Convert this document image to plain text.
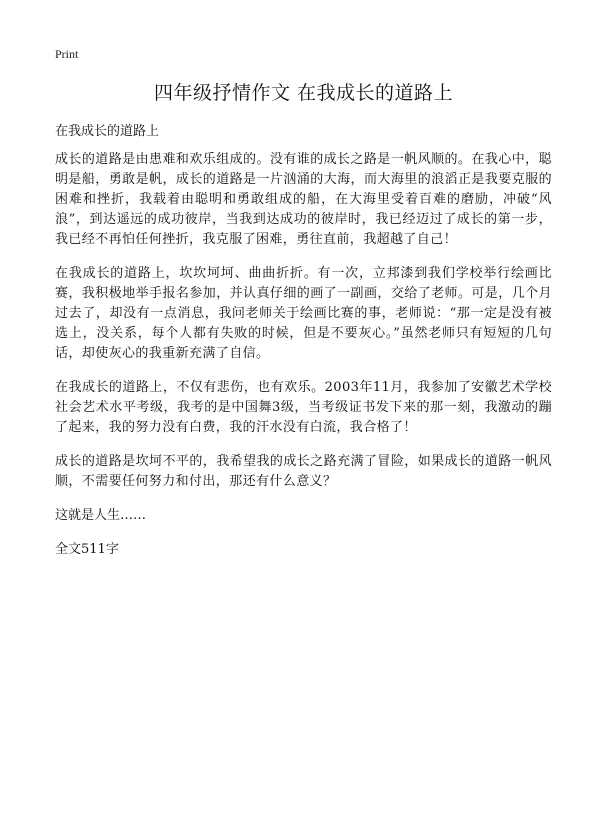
Print
四年级抒情作文 在我成长的道路上

在我成长的道路上

成长的道路是由患难和欢乐组成的。没有谁的成长之路是一帆风顺的。在我心中，聪明是船，勇敢是帆，成长的道路是一片汹涌的大海，而大海里的浪滔正是我要克服的困难和挫折，我载着由聪明和勇敢组成的船，在大海里受着百难的磨励，冲破“风浪”，到达遥远的成功彼岸，当我到达成功的彼岸时，我已经迈过了成长的第一步，我已经不再怕任何挫折，我克服了困难，勇往直前，我超越了自己！

在我成长的道路上，坎坎坷坷、曲曲折折。有一次，立邦漆到我们学校举行绘画比赛，我积极地举手报名参加，并认真仔细的画了一副画，交给了老师。可是，几个月过去了，却没有一点消息，我问老师关于绘画比赛的事，老师说：“那一定是没有被选上，没关系，每个人都有失败的时候，但是不要灰心。”虽然老师只有短短的几句话，却使灰心的我重新充满了自信。

在我成长的道路上，不仅有悲伤，也有欢乐。2003年11月，我参加了安徽艺术学校社会艺术水平考级，我考的是中国舞3级，当考级证书发下来的那一刻，我激动的蹦了起来，我的努力没有白费，我的汗水没有白流，我合格了！

成长的道路是坎坷不平的，我希望我的成长之路充满了冒险，如果成长的道路一帆风顺，不需要任何努力和付出，那还有什么意义？

这就是人生……

全文511字
